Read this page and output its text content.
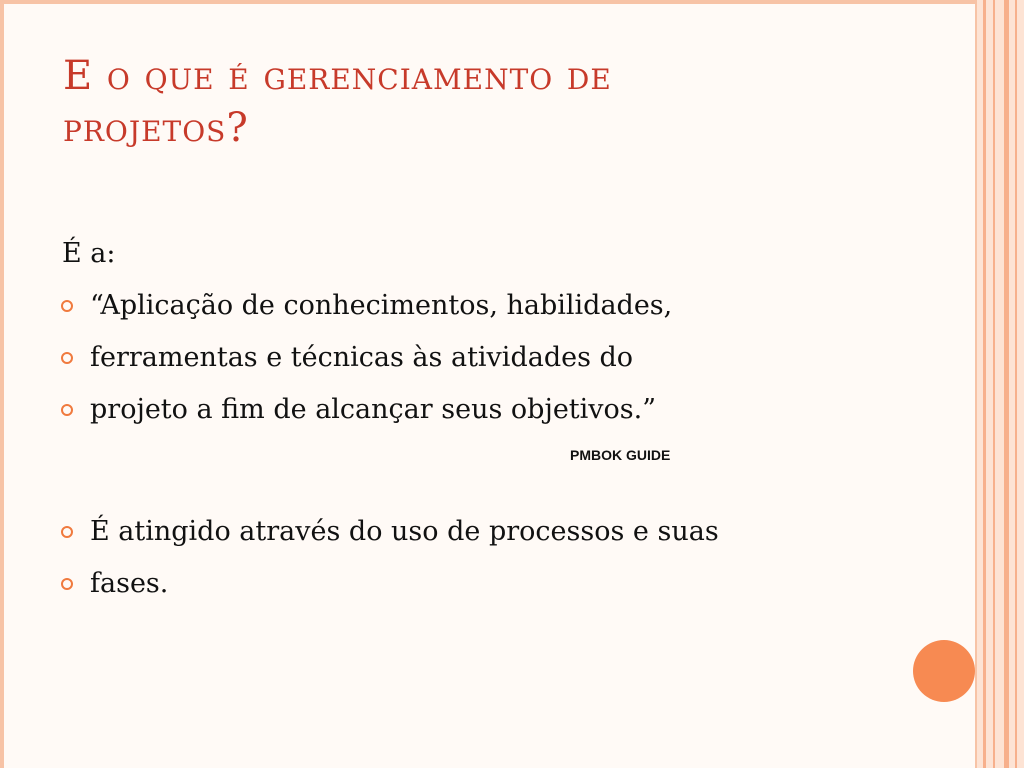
E o que é gerenciamento de
projetos?
É a:
“Aplicação de conhecimentos, habilidades,
ferramentas e técnicas às atividades do
projeto a fim de alcançar seus objetivos.”
PMBOK GUIDE
É atingido através do uso de processos e suas
fases.
